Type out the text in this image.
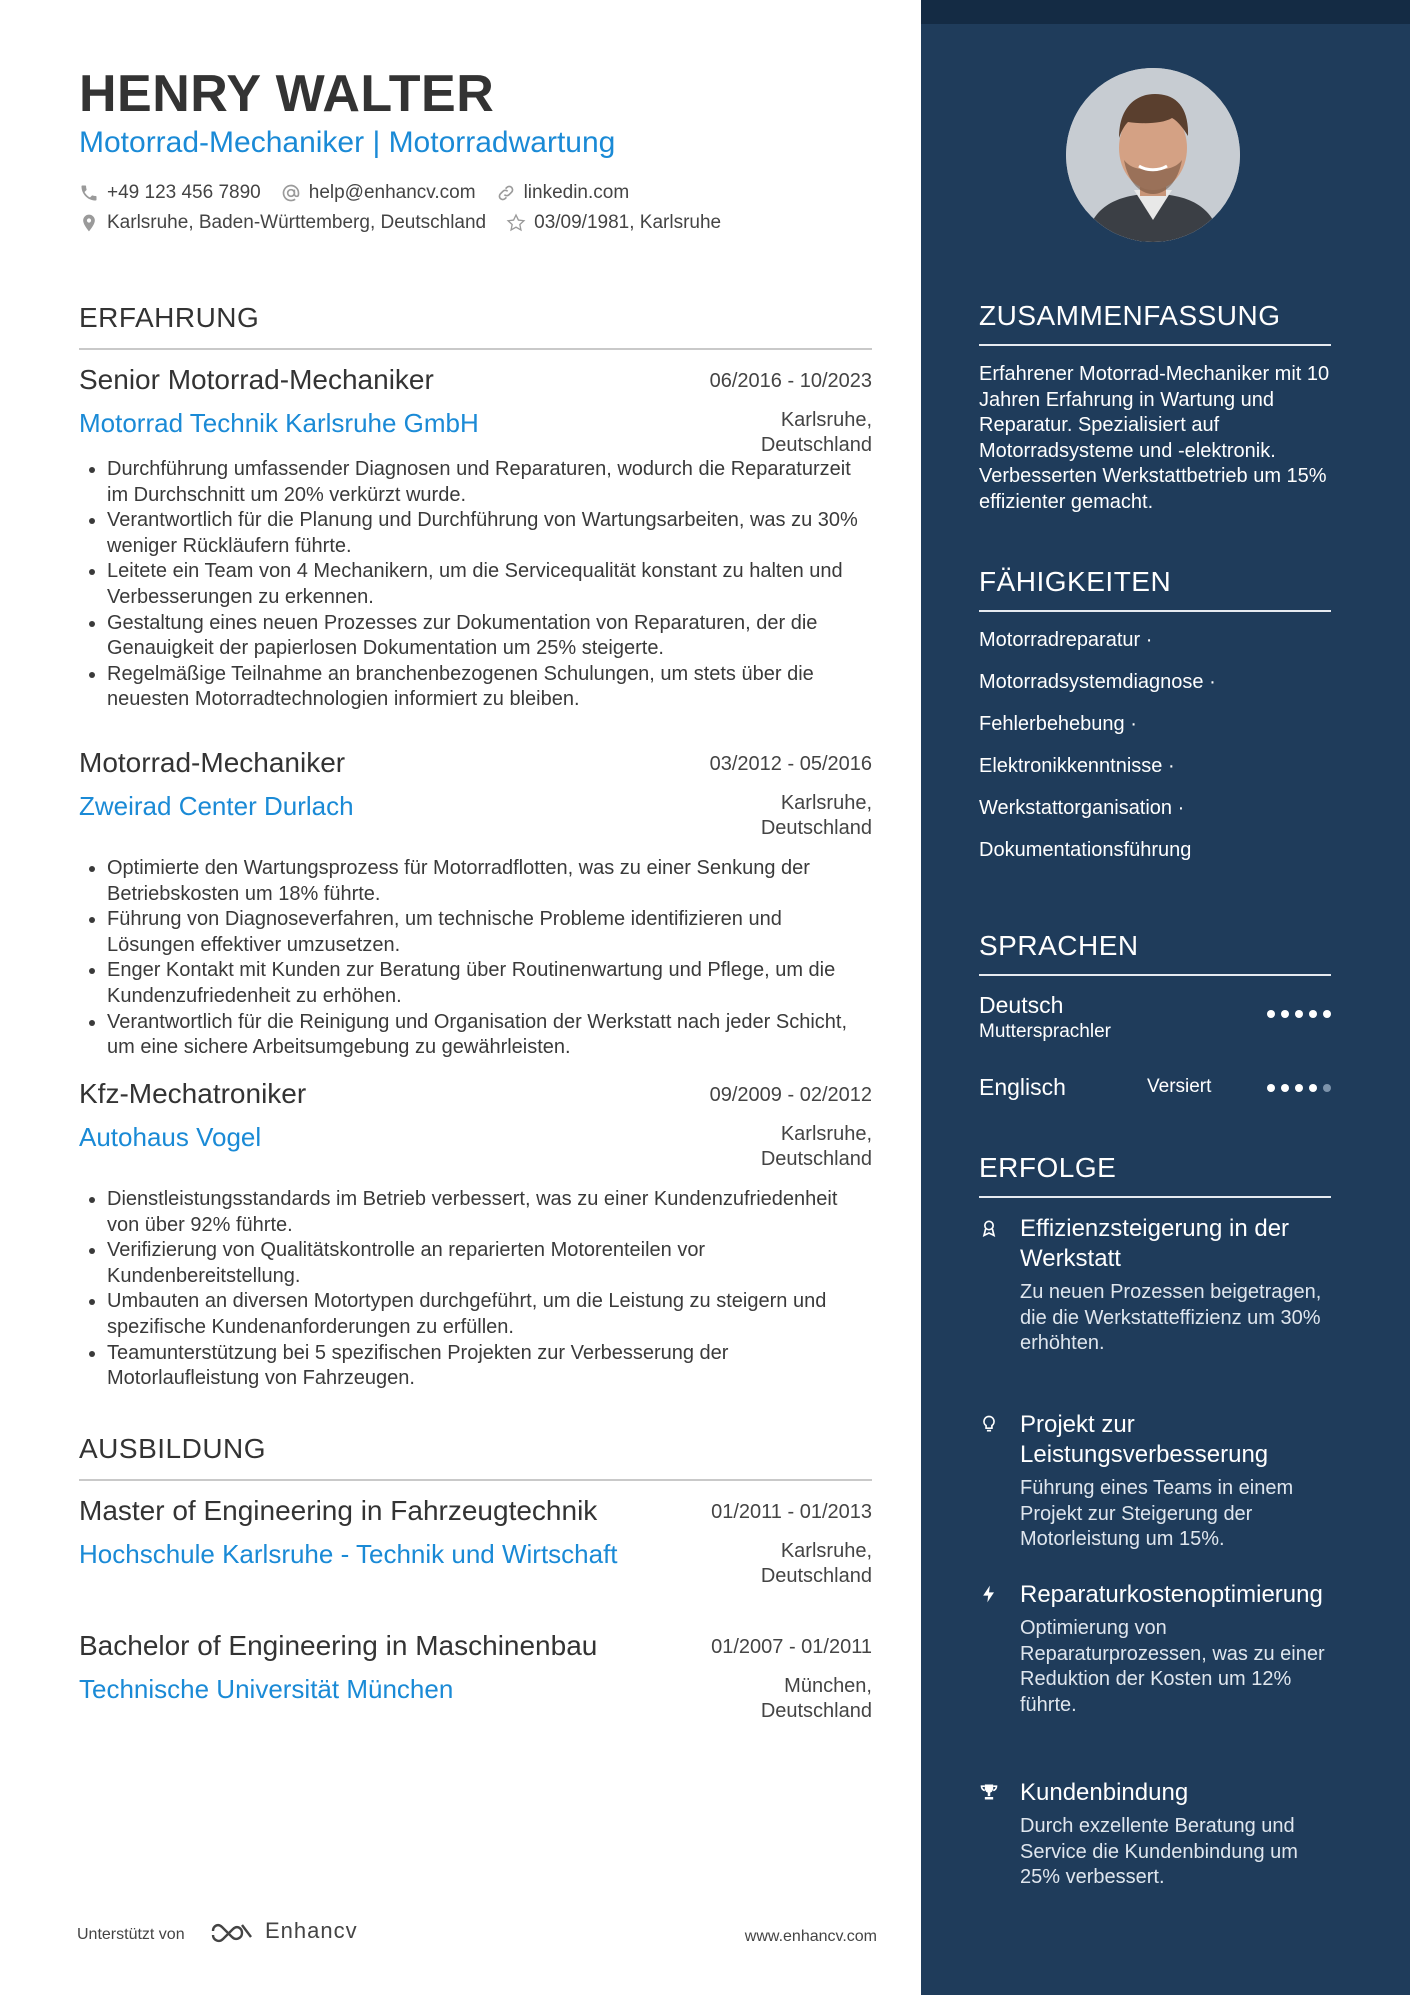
HENRY WALTER
Motorrad-Mechaniker | Motorradwartung
+49 123 456 7890	help@enhancv.com	linkedin.com
Karlsruhe, Baden-Württemberg, Deutschland	03/09/1981, Karlsruhe
ERFAHRUNG
Senior Motorrad-Mechaniker	06/2016 - 10/2023
Motorrad Technik Karlsruhe GmbH	Karlsruhe,
Deutschland
• Durchführung umfassender Diagnosen und Reparaturen, wodurch die Reparaturzeit im Durchschnitt um 20% verkürzt wurde.
• Verantwortlich für die Planung und Durchführung von Wartungsarbeiten, was zu 30% weniger Rückläufern führte.
• Leitete ein Team von 4 Mechanikern, um die Servicequalität konstant zu halten und Verbesserungen zu erkennen.
• Gestaltung eines neuen Prozesses zur Dokumentation von Reparaturen, der die Genauigkeit der papierlosen Dokumentation um 25% steigerte.
• Regelmäßige Teilnahme an branchenbezogenen Schulungen, um stets über die neuesten Motorradtechnologien informiert zu bleiben.
Motorrad-Mechaniker	03/2012 - 05/2016
Zweirad Center Durlach	Karlsruhe,
Deutschland
• Optimierte den Wartungsprozess für Motorradflotten, was zu einer Senkung der Betriebskosten um 18% führte.
• Führung von Diagnoseverfahren, um technische Probleme identifizieren und Lösungen effektiver umzusetzen.
• Enger Kontakt mit Kunden zur Beratung über Routinenwartung und Pflege, um die Kundenzufriedenheit zu erhöhen.
• Verantwortlich für die Reinigung und Organisation der Werkstatt nach jeder Schicht, um eine sichere Arbeitsumgebung zu gewährleisten.
Kfz-Mechatroniker	09/2009 - 02/2012
Autohaus Vogel	Karlsruhe,
Deutschland
• Dienstleistungsstandards im Betrieb verbessert, was zu einer Kundenzufriedenheit von über 92% führte.
• Verifizierung von Qualitätskontrolle an reparierten Motorenteilen vor Kundenbereitstellung.
• Umbauten an diversen Motortypen durchgeführt, um die Leistung zu steigern und spezifische Kundenanforderungen zu erfüllen.
• Teamunterstützung bei 5 spezifischen Projekten zur Verbesserung der Motorlaufleistung von Fahrzeugen.
AUSBILDUNG
Master of Engineering in Fahrzeugtechnik	01/2011 - 01/2013
Hochschule Karlsruhe - Technik und Wirtschaft	Karlsruhe,
Deutschland
Bachelor of Engineering in Maschinenbau	01/2007 - 01/2011
Technische Universität München	München,
Deutschland
Unterstützt von	Enhancv	www.enhancv.com
ZUSAMMENFASSUNG
Erfahrener Motorrad-Mechaniker mit 10 Jahren Erfahrung in Wartung und Reparatur. Spezialisiert auf Motorradsysteme und -elektronik. Verbesserten Werkstattbetrieb um 15% effizienter gemacht.
FÄHIGKEITEN
Motorradreparatur ·
Motorradsystemdiagnose ·
Fehlerbehebung ·
Elektronikkenntnisse ·
Werkstattorganisation ·
Dokumentationsführung
SPRACHEN
Deutsch
Muttersprachler
Englisch	Versiert
ERFOLGE
Effizienzsteigerung in der Werkstatt
Zu neuen Prozessen beigetragen, die die Werkstatteffizienz um 30% erhöhten.
Projekt zur Leistungsverbesserung
Führung eines Teams in einem Projekt zur Steigerung der Motorleistung um 15%.
Reparaturkostenoptimierung
Optimierung von Reparaturprozessen, was zu einer Reduktion der Kosten um 12% führte.
Kundenbindung
Durch exzellente Beratung und Service die Kundenbindung um 25% verbessert.
